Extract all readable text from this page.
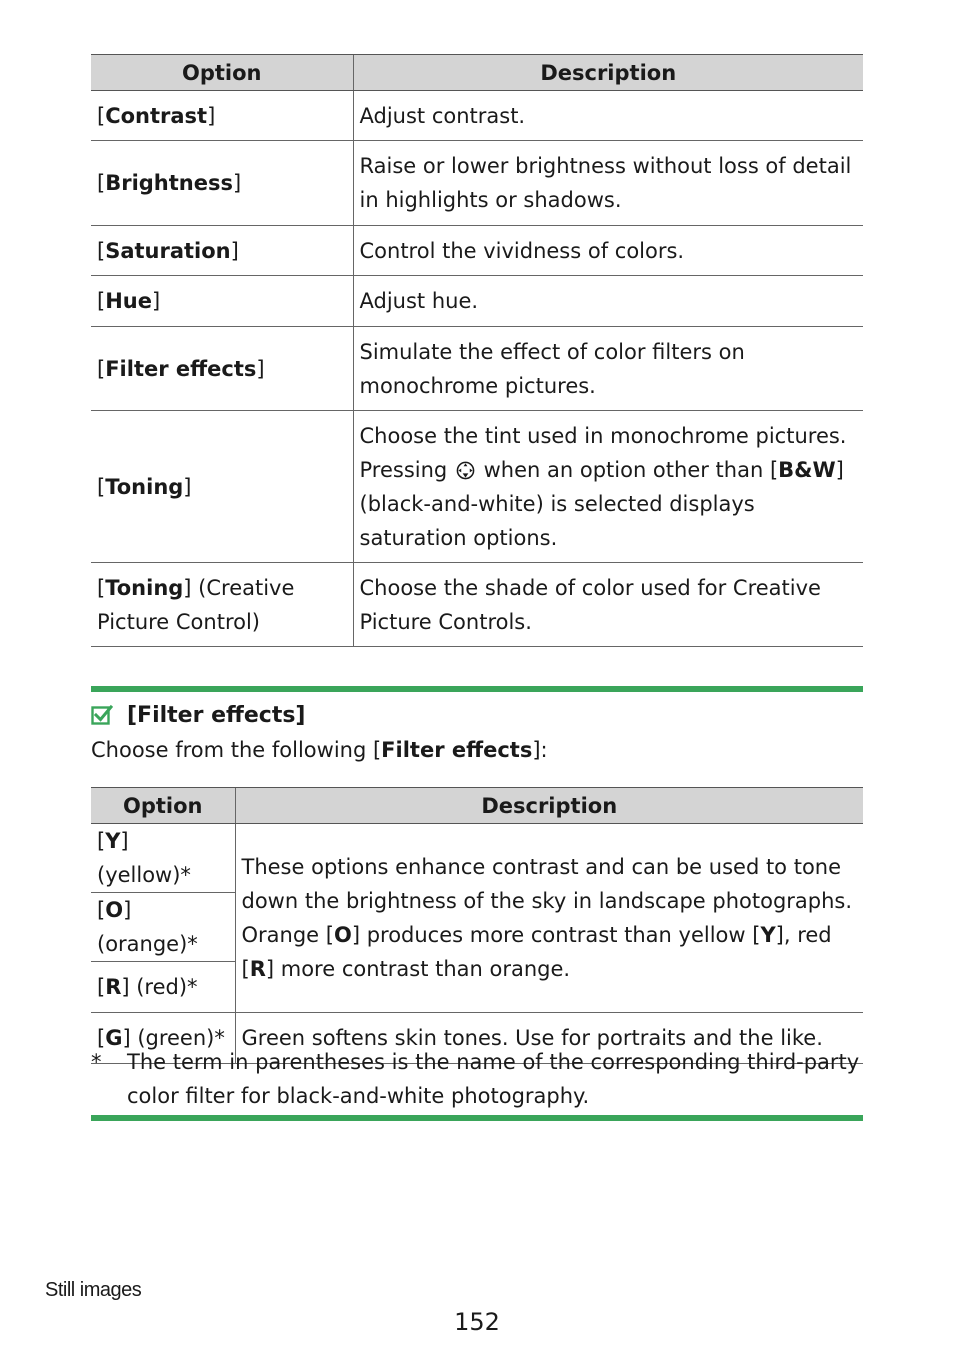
Option	Description
[Contrast]	Adjust contrast.
[Brightness]	Raise or lower brightness without loss of detail in highlights or shadows.
[Saturation]	Control the vividness of colors.
[Hue]	Adjust hue.
[Filter effects]	Simulate the effect of color filters on monochrome pictures.
[Toning]	Choose the tint used in monochrome pictures. Pressing  when an option other than [B&W] (black-and-white) is selected displays saturation options.
[Toning] (Creative Picture Control)	Choose the shade of color used for Creative Picture Controls.
[Filter effects]
Choose from the following [Filter effects]:
Option	Description
[Y] (yellow)*	These options enhance contrast and can be used to tone down the brightness of the sky in landscape photographs. Orange [O] produces more contrast than yellow [Y], red [R] more contrast than orange.
[O] (orange)*	
[R] (red)*	
[G] (green)*	Green softens skin tones. Use for portraits and the like.
* The term in parentheses is the name of the corresponding third-party color filter for black-and-white photography.
Still images
152
